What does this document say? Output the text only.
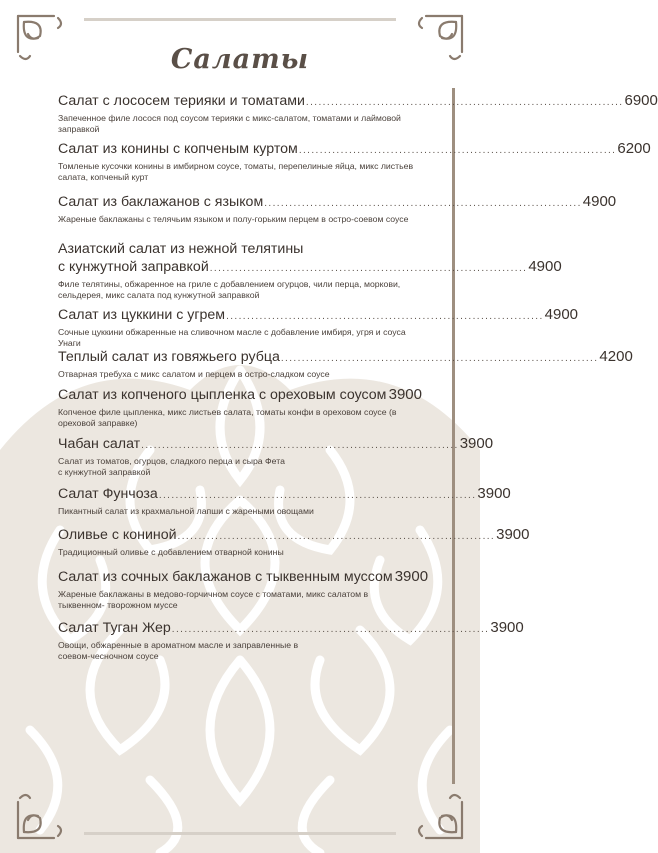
Салаты
Салат с лососем терияки и томатами ............................................................................ 6900
Запеченное филе лосося под соусом терияки с микс-салатом, томатами и лаймовой заправкой
Салат из конины с копченым куртом ............................................................................ 6200
Томленые кусочки конины в имбирном соусе, томаты, перепелиные яйца, микс листьев салата, копченый курт
Салат из баклажанов с языком ............................................................................ 4900
Жареные баклажаны с телячьим языком и полу-горьким перцем в остро-соевом соусе
Азиатский салат из нежной телятины
с кунжутной заправкой ............................................................................ 4900
Филе телятины, обжаренное на гриле с добавлением огурцов, чили перца, моркови, сельдерея, микс салата под кунжутной заправкой
Салат из цуккини с угрем ............................................................................ 4900
Сочные цуккини обжаренные на сливочном масле с добавление имбиря, угря и соуса Унаги
Теплый салат из говяжьего рубца ............................................................................ 4200
Отварная требуха с микс салатом и перцем в остро-сладком соусе
Салат из копченого цыпленка с ореховым соусом 3900
Копченое филе цыпленка, микс листьев салата, томаты конфи в ореховом соусе (в ореховой заправке)
Чабан салат ............................................................................ 3900
Салат из томатов, огурцов, сладкого перца и сыра Фета с кунжутной заправкой
Салат Фунчоза ............................................................................ 3900
Пикантный салат из крахмальной лапши с жареными овощами
Оливье с кониной ............................................................................ 3900
Традиционный оливье с добавлением отварной конины
Салат из сочных баклажанов с тыквенным муссом 3900
Жареные баклажаны в медово-горчичном соусе с томатами, микс салатом в тыквенном- творожном муссе
Салат Туган Жер ............................................................................ 3900
Овощи, обжаренные в ароматном масле и заправленные в соевом-чесночном соусе
